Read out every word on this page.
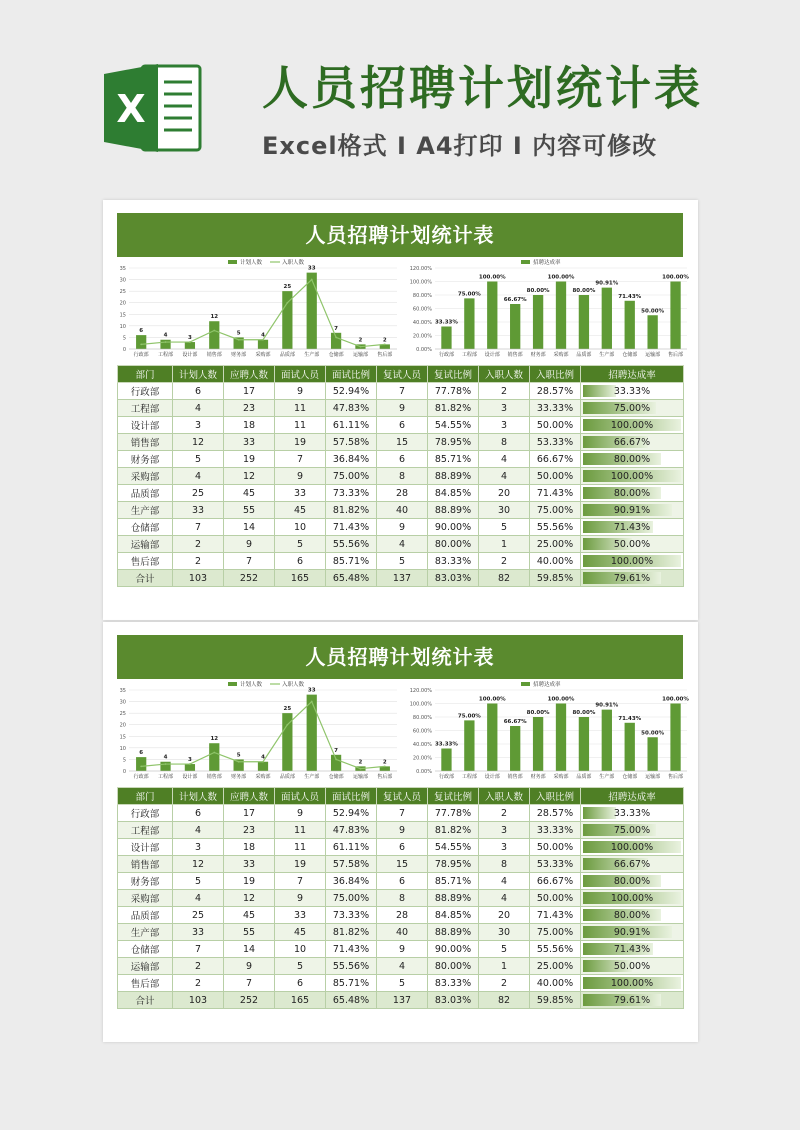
X	人员招聘计划统计表
Excel格式 I A4打印 I 内容可修改
人员招聘计划统计表
0
5
10
15
20
25
30
35
计划人数	入职人数
6
行政部
4
工程部
3
设计部
12
销售部
5
财务部
4
采购部
25
品质部
33
生产部
7
仓储部
2
运输部
2
售后部
0.00%
20.00%
40.00%
60.00%
80.00%
100.00%
120.00%
招聘达成率
33.33%
行政部
75.00%
工程部
100.00%
设计部
66.67%
销售部
80.00%
财务部
100.00%
采购部
80.00%
品质部
90.91%
生产部
71.43%
仓储部
50.00%
运输部
100.00%
售后部
部门	计划人数	应聘人数	面试人员	面试比例	复试人员	复试比例	入职人数	入职比例	招聘达成率
行政部	6	17	9	52.94%	7	77.78%	2	28.57%	33.33%
工程部	4	23	11	47.83%	9	81.82%	3	33.33%	75.00%
设计部	3	18	11	61.11%	6	54.55%	3	50.00%	100.00%
销售部	12	33	19	57.58%	15	78.95%	8	53.33%	66.67%
财务部	5	19	7	36.84%	6	85.71%	4	66.67%	80.00%
采购部	4	12	9	75.00%	8	88.89%	4	50.00%	100.00%
品质部	25	45	33	73.33%	28	84.85%	20	71.43%	80.00%
生产部	33	55	45	81.82%	40	88.89%	30	75.00%	90.91%
仓储部	7	14	10	71.43%	9	90.00%	5	55.56%	71.43%
运输部	2	9	5	55.56%	4	80.00%	1	25.00%	50.00%
售后部	2	7	6	85.71%	5	83.33%	2	40.00%	100.00%
合计	103	252	165	65.48%	137	83.03%	82	59.85%	79.61%
人员招聘计划统计表
0
5
10
15
20
25
30
35
计划人数	入职人数
6
行政部
4
工程部
3
设计部
12
销售部
5
财务部
4
采购部
25
品质部
33
生产部
7
仓储部
2
运输部
2
售后部
0.00%
20.00%
40.00%
60.00%
80.00%
100.00%
120.00%
招聘达成率
33.33%
行政部
75.00%
工程部
100.00%
设计部
66.67%
销售部
80.00%
财务部
100.00%
采购部
80.00%
品质部
90.91%
生产部
71.43%
仓储部
50.00%
运输部
100.00%
售后部
部门	计划人数	应聘人数	面试人员	面试比例	复试人员	复试比例	入职人数	入职比例	招聘达成率
行政部	6	17	9	52.94%	7	77.78%	2	28.57%	33.33%
工程部	4	23	11	47.83%	9	81.82%	3	33.33%	75.00%
设计部	3	18	11	61.11%	6	54.55%	3	50.00%	100.00%
销售部	12	33	19	57.58%	15	78.95%	8	53.33%	66.67%
财务部	5	19	7	36.84%	6	85.71%	4	66.67%	80.00%
采购部	4	12	9	75.00%	8	88.89%	4	50.00%	100.00%
品质部	25	45	33	73.33%	28	84.85%	20	71.43%	80.00%
生产部	33	55	45	81.82%	40	88.89%	30	75.00%	90.91%
仓储部	7	14	10	71.43%	9	90.00%	5	55.56%	71.43%
运输部	2	9	5	55.56%	4	80.00%	1	25.00%	50.00%
售后部	2	7	6	85.71%	5	83.33%	2	40.00%	100.00%
合计	103	252	165	65.48%	137	83.03%	82	59.85%	79.61%
